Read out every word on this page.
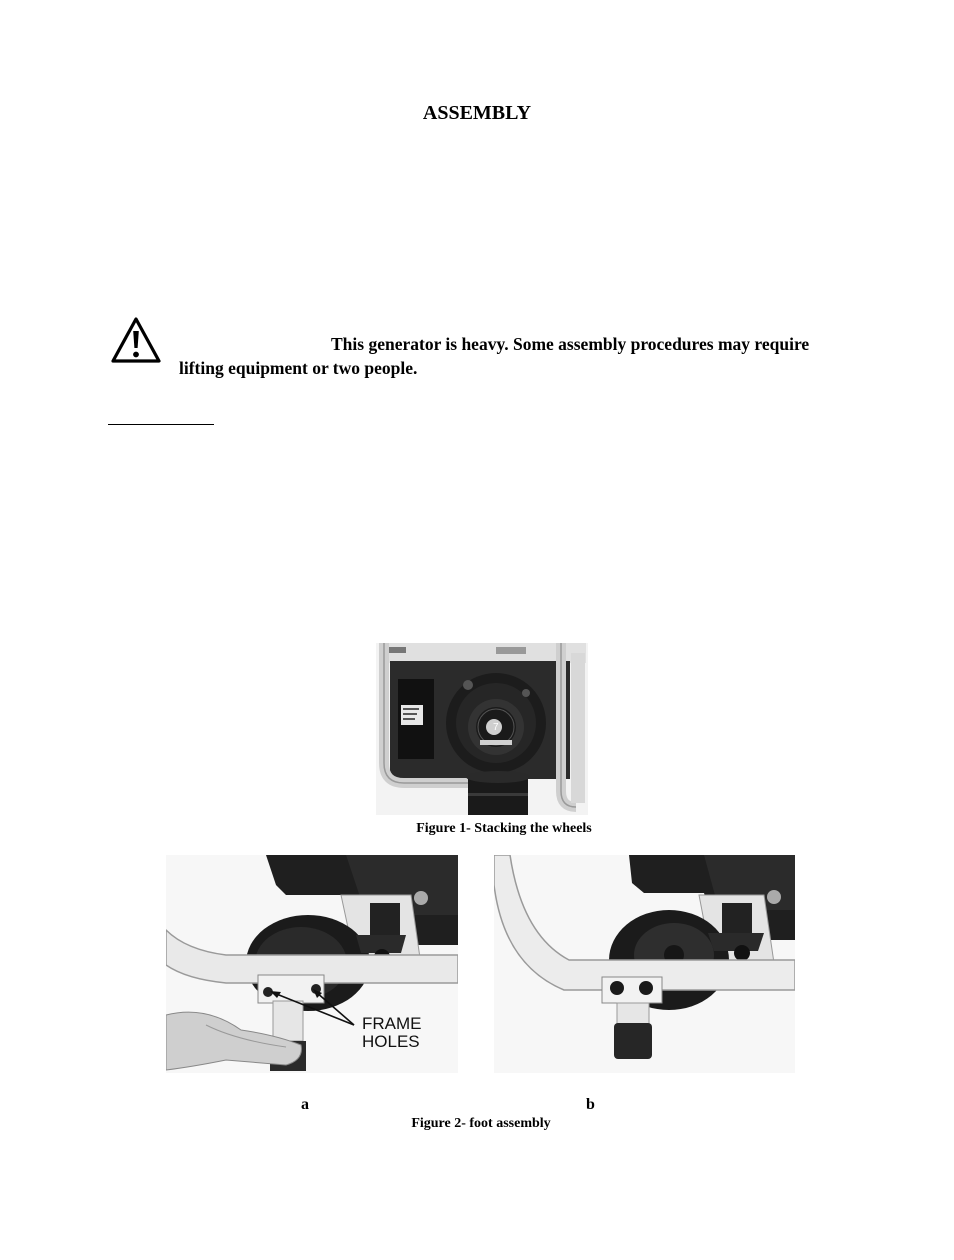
ASSEMBLY
This generator is heavy. Some assembly procedures may require
lifting equipment or two people.
7
Figure 1- Stacking the wheels
FRAME
HOLES
a	b
Figure 2- foot assembly
